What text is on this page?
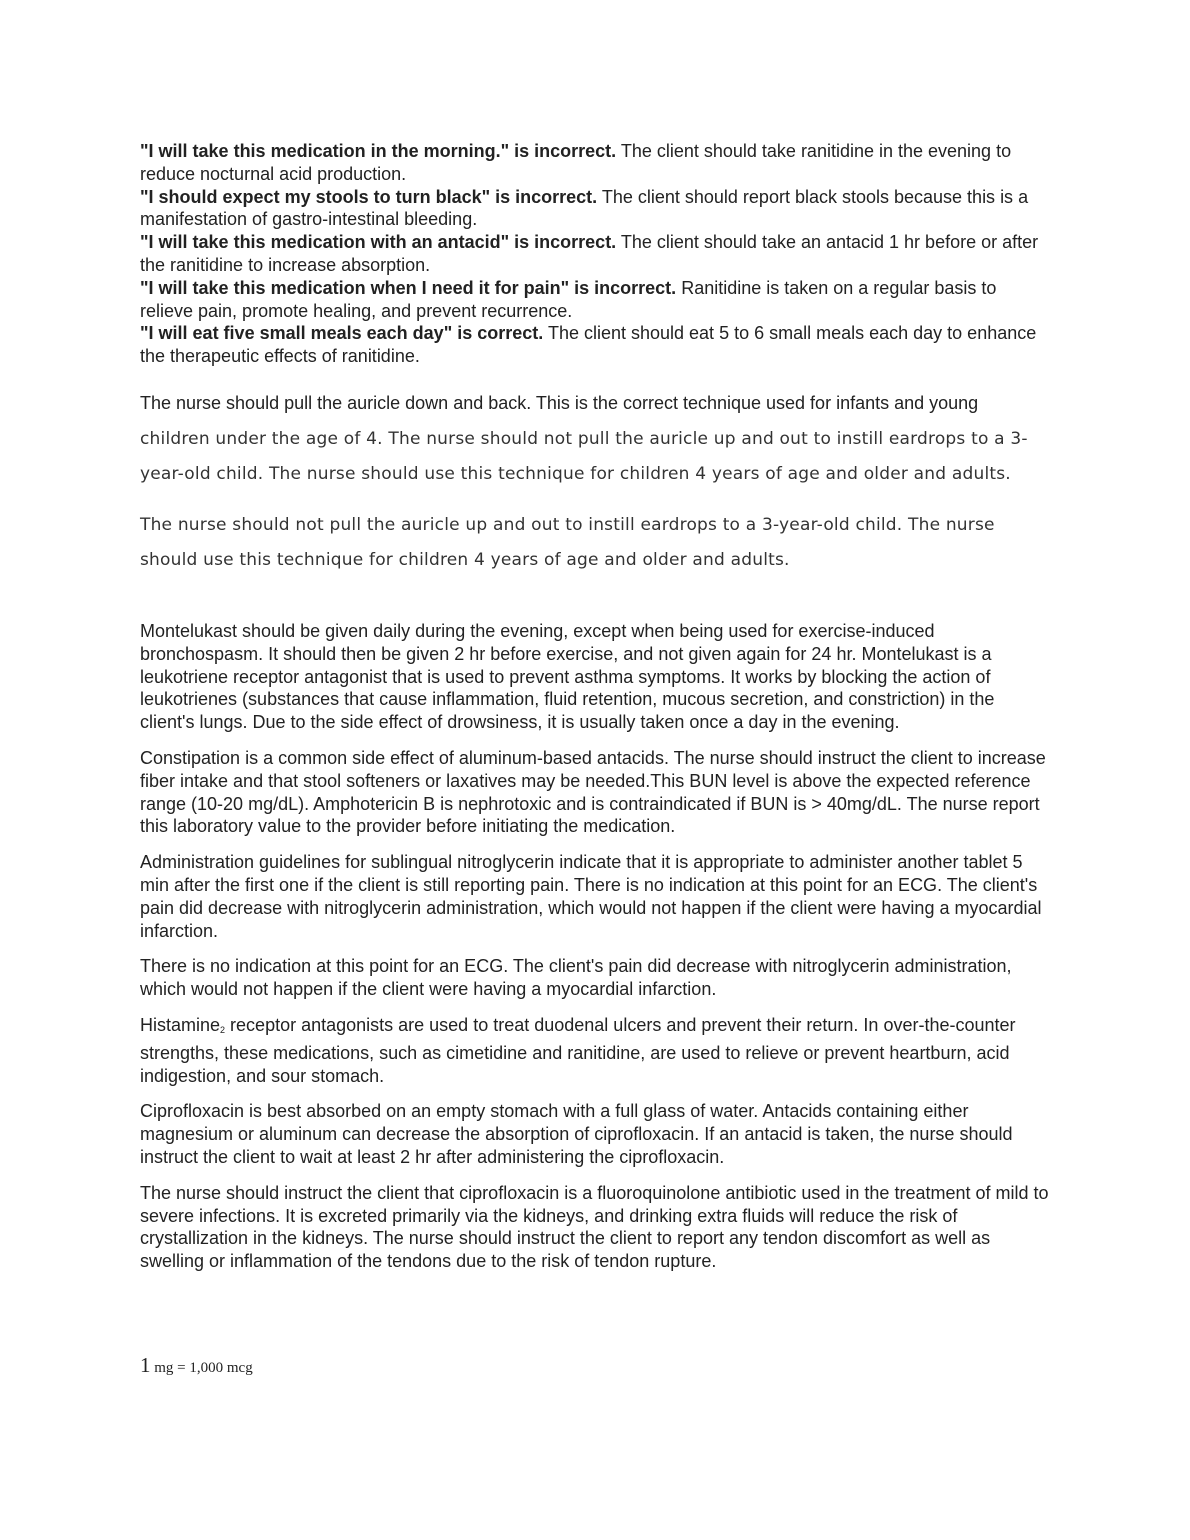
"I will take this medication in the morning." is incorrect. The client should take ranitidine in the evening to reduce nocturnal acid production.

"I should expect my stools to turn black" is incorrect. The client should report black stools because this is a manifestation of gastro-intestinal bleeding.

"I will take this medication with an antacid" is incorrect. The client should take an antacid 1 hr before or after the ranitidine to increase absorption.

"I will take this medication when I need it for pain" is incorrect. Ranitidine is taken on a regular basis to relieve pain, promote healing, and prevent recurrence.

"I will eat five small meals each day" is correct. The client should eat 5 to 6 small meals each day to enhance the therapeutic effects of ranitidine.

The nurse should pull the auricle down and back. This is the correct technique used for infants and young
children under the age of 4. The nurse should not pull the auricle up and out to instill eardrops to a 3-year-old child. The nurse should use this technique for children 4 years of age and older and adults.

The nurse should not pull the auricle up and out to instill eardrops to a 3-year-old child. The nurse should use this technique for children 4 years of age and older and adults.

Montelukast should be given daily during the evening, except when being used for exercise-induced bronchospasm. It should then be given 2 hr before exercise, and not given again for 24 hr. Montelukast is a leukotriene receptor antagonist that is used to prevent asthma symptoms. It works by blocking the action of leukotrienes (substances that cause inflammation, fluid retention, mucous secretion, and constriction) in the client's lungs. Due to the side effect of drowsiness, it is usually taken once a day in the evening.

Constipation is a common side effect of aluminum-based antacids. The nurse should instruct the client to increase fiber intake and that stool softeners or laxatives may be needed.This BUN level is above the expected reference range (10-20 mg/dL). Amphotericin B is nephrotoxic and is contraindicated if BUN is > 40mg/dL. The nurse report this laboratory value to the provider before initiating the medication.

Administration guidelines for sublingual nitroglycerin indicate that it is appropriate to administer another tablet 5 min after the first one if the client is still reporting pain. There is no indication at this point for an ECG. The client's pain did decrease with nitroglycerin administration, which would not happen if the client were having a myocardial infarction.

There is no indication at this point for an ECG. The client's pain did decrease with nitroglycerin administration, which would not happen if the client were having a myocardial infarction.

Histamine$_2$ receptor antagonists are used to treat duodenal ulcers and prevent their return. In over-the-counter strengths, these medications, such as cimetidine and ranitidine, are used to relieve or prevent heartburn, acid indigestion, and sour stomach.

Ciprofloxacin is best absorbed on an empty stomach with a full glass of water. Antacids containing either magnesium or aluminum can decrease the absorption of ciprofloxacin. If an antacid is taken, the nurse should instruct the client to wait at least 2 hr after administering the ciprofloxacin.

The nurse should instruct the client that ciprofloxacin is a fluoroquinolone antibiotic used in the treatment of mild to severe infections. It is excreted primarily via the kidneys, and drinking extra fluids will reduce the risk of crystallization in the kidneys. The nurse should instruct the client to report any tendon discomfort as well as swelling or inflammation of the tendons due to the risk of tendon rupture.

1 mg = 1,000 mcg
